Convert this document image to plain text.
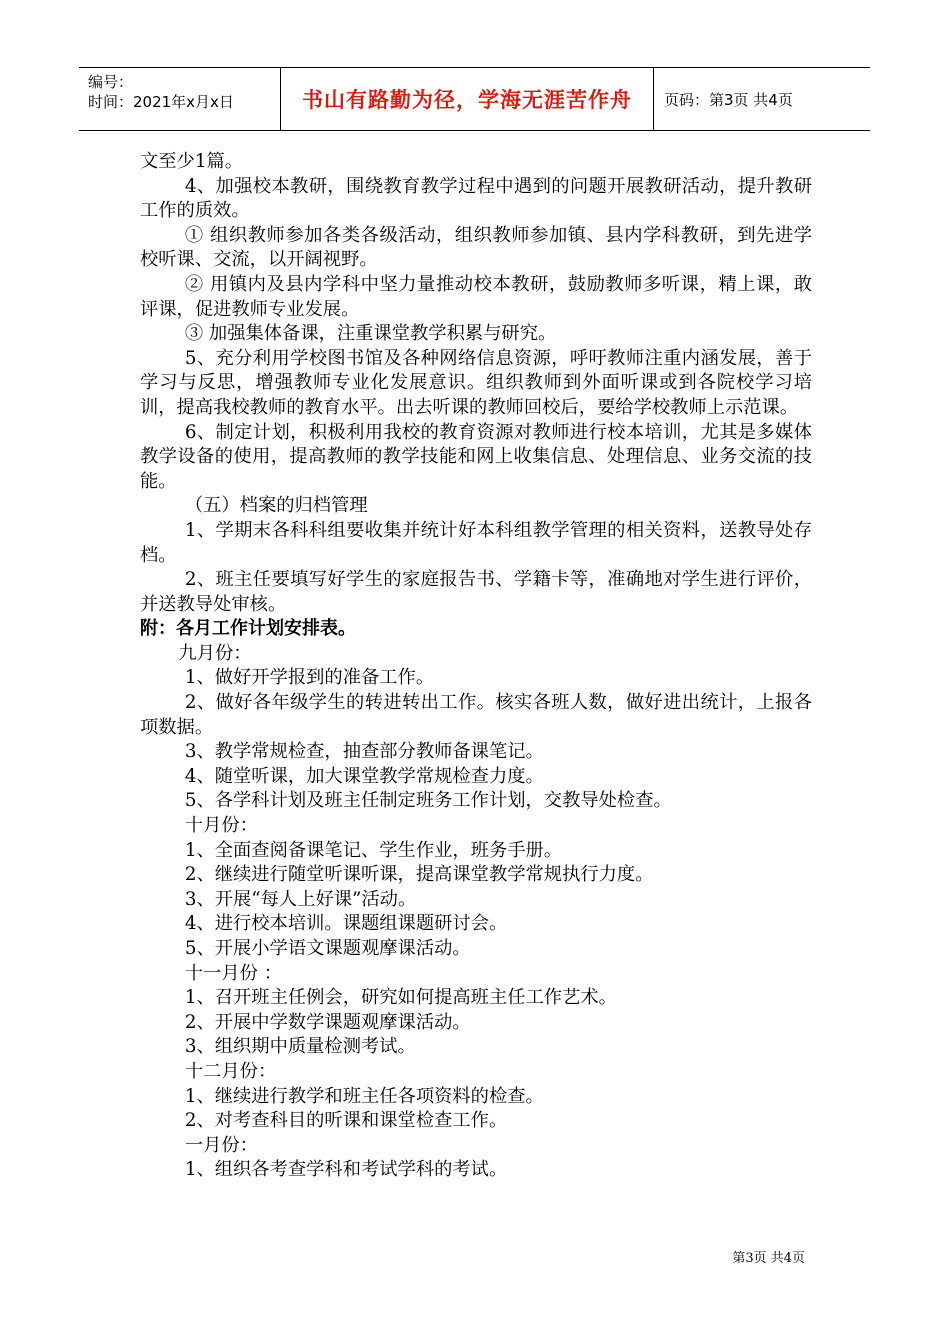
编号：
时间：2021年x月x日	书山有路勤为径，学海无涯苦作舟	页码：第3页 共4页

文至少1篇。

4、加强校本教研，围绕教育教学过程中遇到的问题开展教研活动，提升教研工作的质效。

① 组织教师参加各类各级活动，组织教师参加镇、县内学科教研，到先进学校听课、交流，以开阔视野。

② 用镇内及县内学科中坚力量推动校本教研，鼓励教师多听课，精上课，敢评课，促进教师专业发展。

③ 加强集体备课，注重课堂教学积累与研究。

5、充分利用学校图书馆及各种网络信息资源，呼吁教师注重内涵发展，善于学习与反思，增强教师专业化发展意识。组织教师到外面听课或到各院校学习培训，提高我校教师的教育水平。出去听课的教师回校后，要给学校教师上示范课。

6、制定计划，积极利用我校的教育资源对教师进行校本培训，尤其是多媒体教学设备的使用，提高教师的教学技能和网上收集信息、处理信息、业务交流的技能。

（五）档案的归档管理

1、学期末各科科组要收集并统计好本科组教学管理的相关资料，送教导处存档。

2、班主任要填写好学生的家庭报告书、学籍卡等，准确地对学生进行评价，并送教导处审核。

附：各月工作计划安排表。

九月份：

1、做好开学报到的准备工作。

2、做好各年级学生的转进转出工作。核实各班人数，做好进出统计，上报各项数据。

3、教学常规检查，抽查部分教师备课笔记。

4、随堂听课，加大课堂教学常规检查力度。

5、各学科计划及班主任制定班务工作计划，交教导处检查。

十月份：

1、全面查阅备课笔记、学生作业，班务手册。

2、继续进行随堂听课听课，提高课堂教学常规执行力度。

3、开展“每人上好课”活动。

4、进行校本培训。课题组课题研讨会。

5、开展小学语文课题观摩课活动。

十一月份 ：

1、召开班主任例会，研究如何提高班主任工作艺术。

2、开展中学数学课题观摩课活动。

3、组织期中质量检测考试。

十二月份：

1、继续进行教学和班主任各项资料的检查。

2、对考查科目的听课和课堂检查工作。

一月份：

1、组织各考查学科和考试学科的考试。

第3页 共4页
